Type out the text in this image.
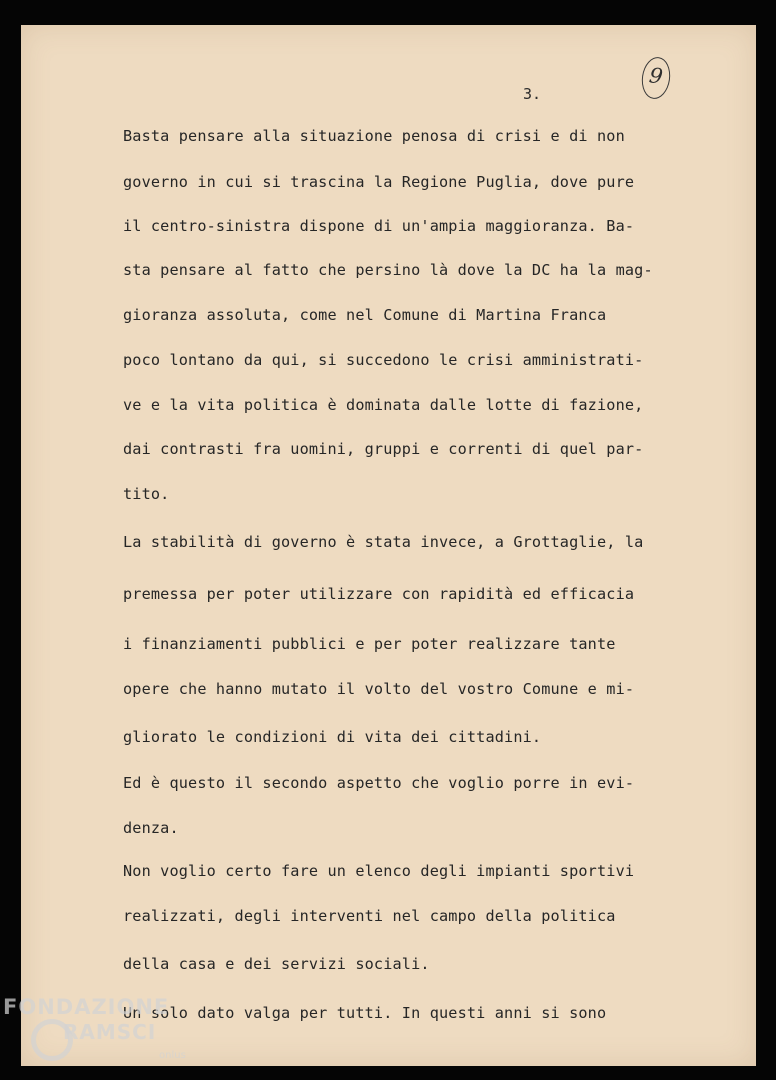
3.
9
Basta pensare alla situazione penosa di crisi e di non
governo in cui si trascina la Regione Puglia, dove pure
il centro-sinistra dispone di un'ampia maggioranza. Ba-
sta pensare al fatto che persino là dove la DC ha la mag-
gioranza assoluta, come nel Comune di Martina Franca
poco lontano da qui, si succedono le crisi amministrati-
ve e la vita politica è dominata dalle lotte di fazione,
dai contrasti fra uomini, gruppi e correnti di quel par-
tito.
La stabilità di governo è stata invece, a Grottaglie, la
premessa per poter utilizzare con rapidità ed efficacia
i finanziamenti pubblici e per poter realizzare tante
opere che hanno mutato il volto del vostro Comune e mi-
gliorato le condizioni di vita dei cittadini.
Ed è questo il secondo aspetto che voglio porre in evi-
denza.
Non voglio certo fare un elenco degli impianti sportivi
realizzati, degli interventi nel campo della politica
della casa e dei servizi sociali.
Un solo dato valga per tutti. In questi anni si sono
FONDAZIONE
RAMSCI
onlus
